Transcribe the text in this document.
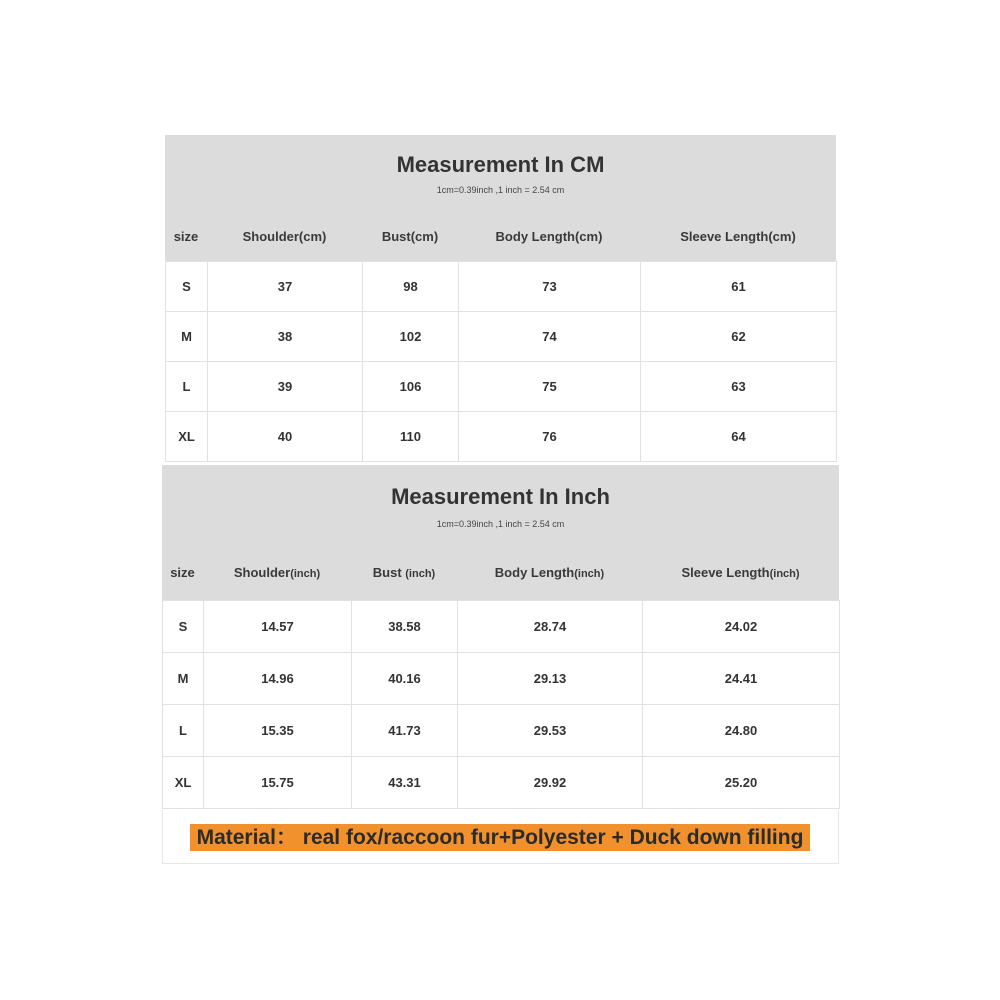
Measurement In CM
1cm=0.39inch ,1 inch = 2.54 cm
size	Shoulder(cm)	Bust(cm)	Body Length(cm)	Sleeve Length(cm)
S	37	98	73	61
M	38	102	74	62
L	39	106	75	63
XL	40	110	76	64
Measurement In Inch
1cm=0.39inch ,1 inch = 2.54 cm
size	Shoulder(inch)	Bust (inch)	Body Length(inch)	Sleeve Length(inch)
S	14.57	38.58	28.74	24.02
M	14.96	40.16	29.13	24.41
L	15.35	41.73	29.53	24.80
XL	15.75	43.31	29.92	25.20
Material： real fox/raccoon fur+Polyester + Duck down filling
